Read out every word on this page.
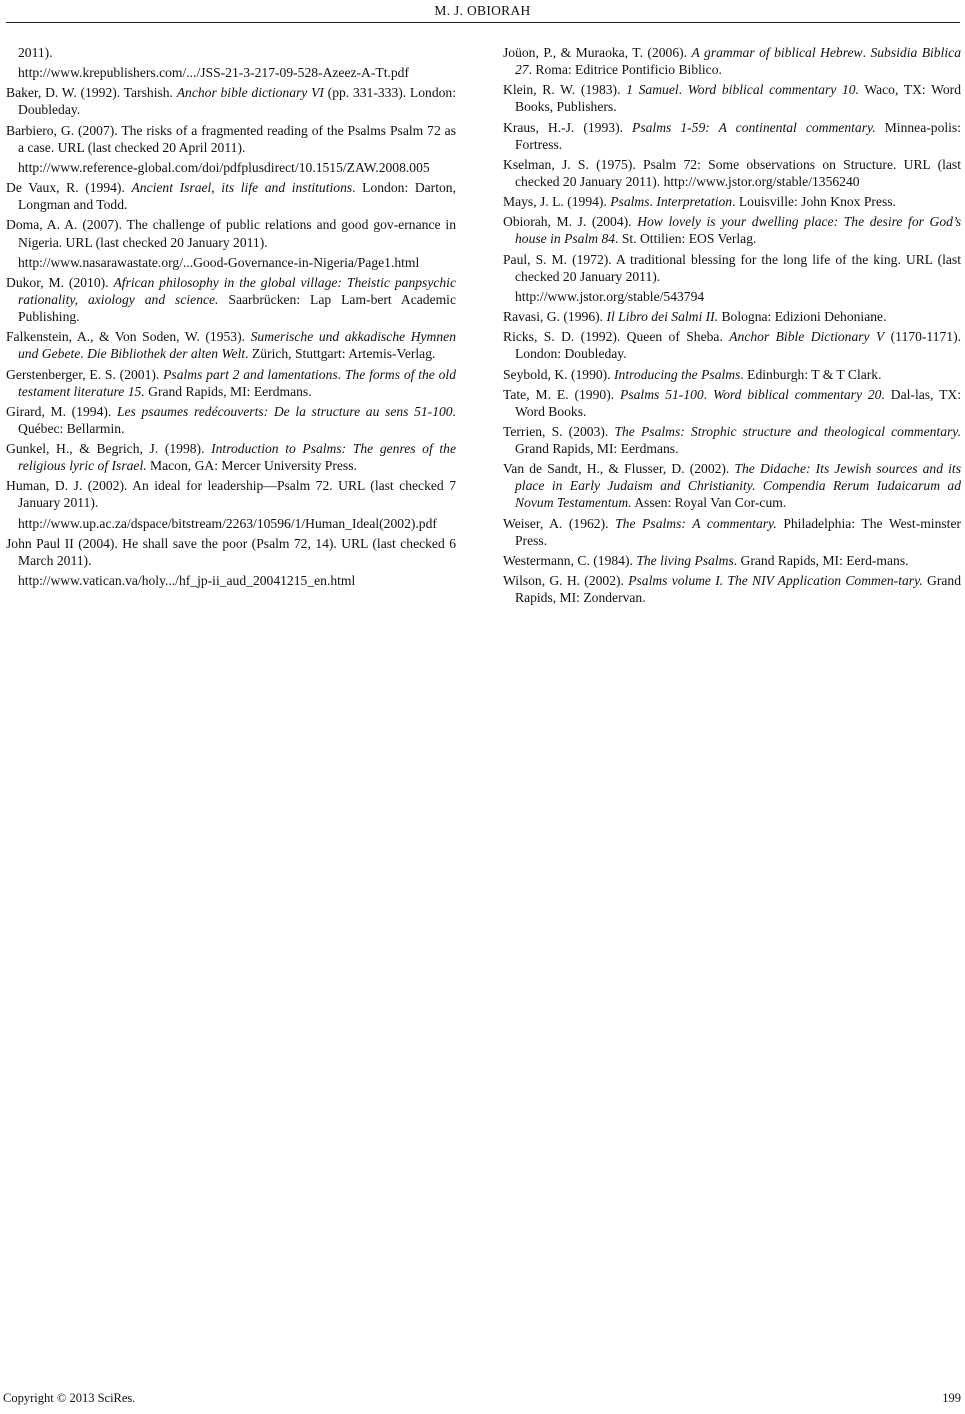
M. J. OBIORAH
2011).
http://www.krepublishers.com/.../JSS-21-3-217-09-528-Azeez-A-Tt.pdf
Baker, D. W. (1992). Tarshish. Anchor bible dictionary VI (pp. 331-333). London: Doubleday.
Barbiero, G. (2007). The risks of a fragmented reading of the Psalms Psalm 72 as a case. URL (last checked 20 April 2011).
http://www.reference-global.com/doi/pdfplusdirect/10.1515/ZAW.2008.005
De Vaux, R. (1994). Ancient Israel, its life and institutions. London: Darton, Longman and Todd.
Doma, A. A. (2007). The challenge of public relations and good gov-ernance in Nigeria. URL (last checked 20 January 2011).
http://www.nasarawastate.org/...Good-Governance-in-Nigeria/Page1.html
Dukor, M. (2010). African philosophy in the global village: Theistic panpsychic rationality, axiology and science. Saarbrücken: Lap Lam-bert Academic Publishing.
Falkenstein, A., & Von Soden, W. (1953). Sumerische und akkadische Hymnen und Gebete. Die Bibliothek der alten Welt. Zürich, Stuttgart: Artemis-Verlag.
Gerstenberger, E. S. (2001). Psalms part 2 and lamentations. The forms of the old testament literature 15. Grand Rapids, MI: Eerdmans.
Girard, M. (1994). Les psaumes redécouverts: De la structure au sens 51-100. Québec: Bellarmin.
Gunkel, H., & Begrich, J. (1998). Introduction to Psalms: The genres of the religious lyric of Israel. Macon, GA: Mercer University Press.
Human, D. J. (2002). An ideal for leadership—Psalm 72. URL (last checked 7 January 2011).
http://www.up.ac.za/dspace/bitstream/2263/10596/1/Human_Ideal(2002).pdf
John Paul II (2004). He shall save the poor (Psalm 72, 14). URL (last checked 6 March 2011).
http://www.vatican.va/holy.../hf_jp-ii_aud_20041215_en.html
Joüon, P., & Muraoka, T. (2006). A grammar of biblical Hebrew. Subsidia Biblica 27. Roma: Editrice Pontificio Biblico.
Klein, R. W. (1983). 1 Samuel. Word biblical commentary 10. Waco, TX: Word Books, Publishers.
Kraus, H.-J. (1993). Psalms 1-59: A continental commentary. Minnea-polis: Fortress.
Kselman, J. S. (1975). Psalm 72: Some observations on Structure. URL (last checked 20 January 2011). http://www.jstor.org/stable/1356240
Mays, J. L. (1994). Psalms. Interpretation. Louisville: John Knox Press.
Obiorah, M. J. (2004). How lovely is your dwelling place: The desire for God’s house in Psalm 84. St. Ottilien: EOS Verlag.
Paul, S. M. (1972). A traditional blessing for the long life of the king. URL (last checked 20 January 2011).
http://www.jstor.org/stable/543794
Ravasi, G. (1996). Il Libro dei Salmi II. Bologna: Edizioni Dehoniane.
Ricks, S. D. (1992). Queen of Sheba. Anchor Bible Dictionary V (1170-1171). London: Doubleday.
Seybold, K. (1990). Introducing the Psalms. Edinburgh: T & T Clark.
Tate, M. E. (1990). Psalms 51-100. Word biblical commentary 20. Dal-las, TX: Word Books.
Terrien, S. (2003). The Psalms: Strophic structure and theological commentary. Grand Rapids, MI: Eerdmans.
Van de Sandt, H., & Flusser, D. (2002). The Didache: Its Jewish sources and its place in Early Judaism and Christianity. Compendia Rerum Iudaicarum ad Novum Testamentum. Assen: Royal Van Cor-cum.
Weiser, A. (1962). The Psalms: A commentary. Philadelphia: The West-minster Press.
Westermann, C. (1984). The living Psalms. Grand Rapids, MI: Eerd-mans.
Wilson, G. H. (2002). Psalms volume I. The NIV Application Commen-tary. Grand Rapids, MI: Zondervan.
Copyright © 2013 SciRes.	199
